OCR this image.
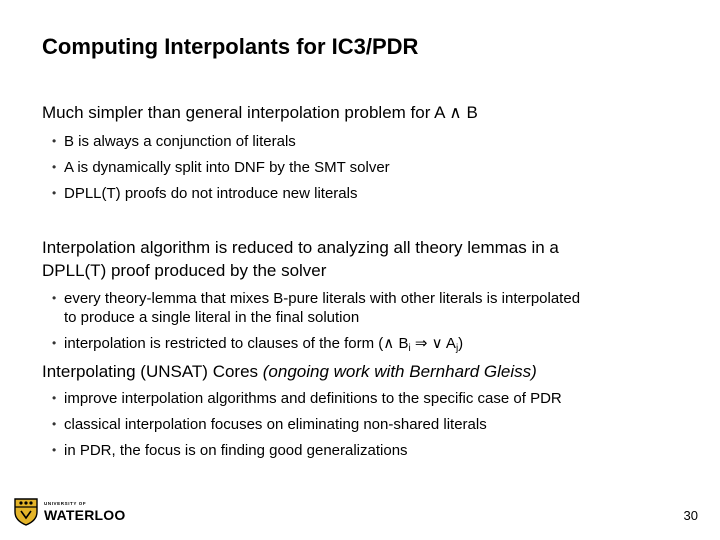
Computing Interpolants for IC3/PDR
Much simpler than general interpolation problem for A ∧ B
• B is always a conjunction of literals
• A is dynamically split into DNF by the SMT solver
• DPLL(T) proofs do not introduce new literals
Interpolation algorithm is reduced to analyzing all theory lemmas in a
DPLL(T) proof produced by the solver
• every theory-lemma that mixes B-pure literals with other literals is interpolated
to produce a single literal in the final solution
• interpolation is restricted to clauses of the form (∧ $B_i$ ⇒ ∨ $A_j$)
Interpolating (UNSAT) Cores (ongoing work with Bernhard Gleiss)
• improve interpolation algorithms and definitions to the specific case of PDR
• classical interpolation focuses on eliminating non-shared literals
• in PDR, the focus is on finding good generalizations
UNIVERSITY OF
WATERLOO	30
